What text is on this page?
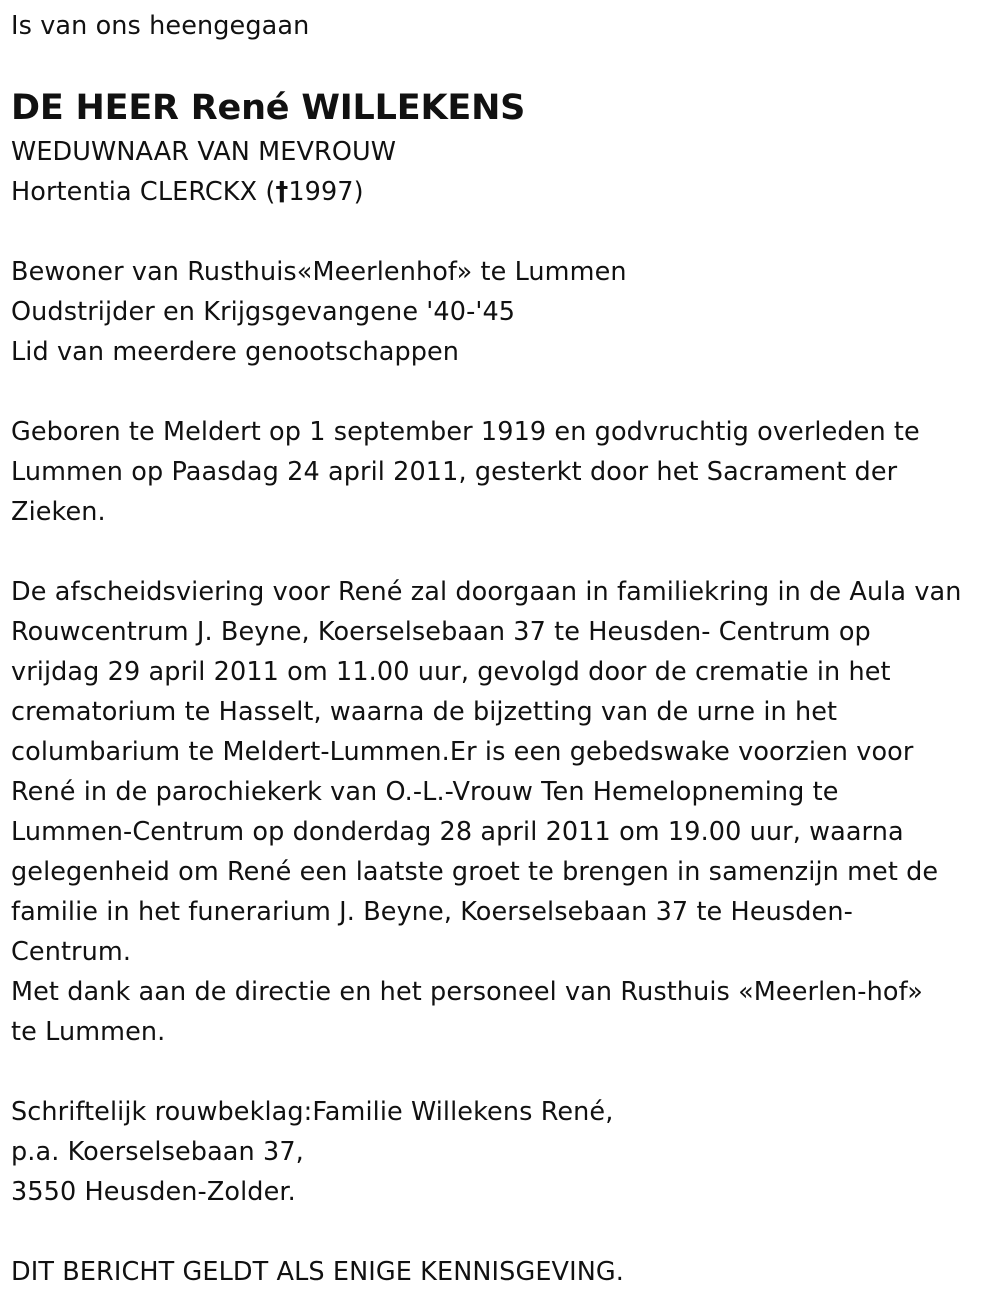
Is van ons heengegaan
DE HEER René WILLEKENS
WEDUWNAAR VAN MEVROUW
Hortentia CLERCKX (†1997)
Bewoner van Rusthuis«Meerlenhof» te Lummen
Oudstrijder en Krijgsgevangene '40-'45
Lid van meerdere genootschappen
Geboren te Meldert op 1 september 1919 en godvruchtig overleden te
Lummen op Paasdag 24 april 2011, gesterkt door het Sacrament der
Zieken.
De afscheidsviering voor René zal doorgaan in familiekring in de Aula van
Rouwcentrum J. Beyne, Koerselsebaan 37 te Heusden- Centrum op
vrijdag 29 april 2011 om 11.00 uur, gevolgd door de crematie in het
crematorium te Hasselt, waarna de bijzetting van de urne in het
columbarium te Meldert-Lummen.Er is een gebedswake voorzien voor
René in de parochiekerk van O.-L.-Vrouw Ten Hemelopneming te
Lummen-Centrum op donderdag 28 april 2011 om 19.00 uur, waarna
gelegenheid om René een laatste groet te brengen in samenzijn met de
familie in het funerarium J. Beyne, Koerselsebaan 37 te Heusden-
Centrum.
Met dank aan de directie en het personeel van Rusthuis «Meerlen-hof»
te Lummen.
Schriftelijk rouwbeklag:Familie Willekens René,
p.a. Koerselsebaan 37,
3550 Heusden-Zolder.
DIT BERICHT GELDT ALS ENIGE KENNISGEVING.
